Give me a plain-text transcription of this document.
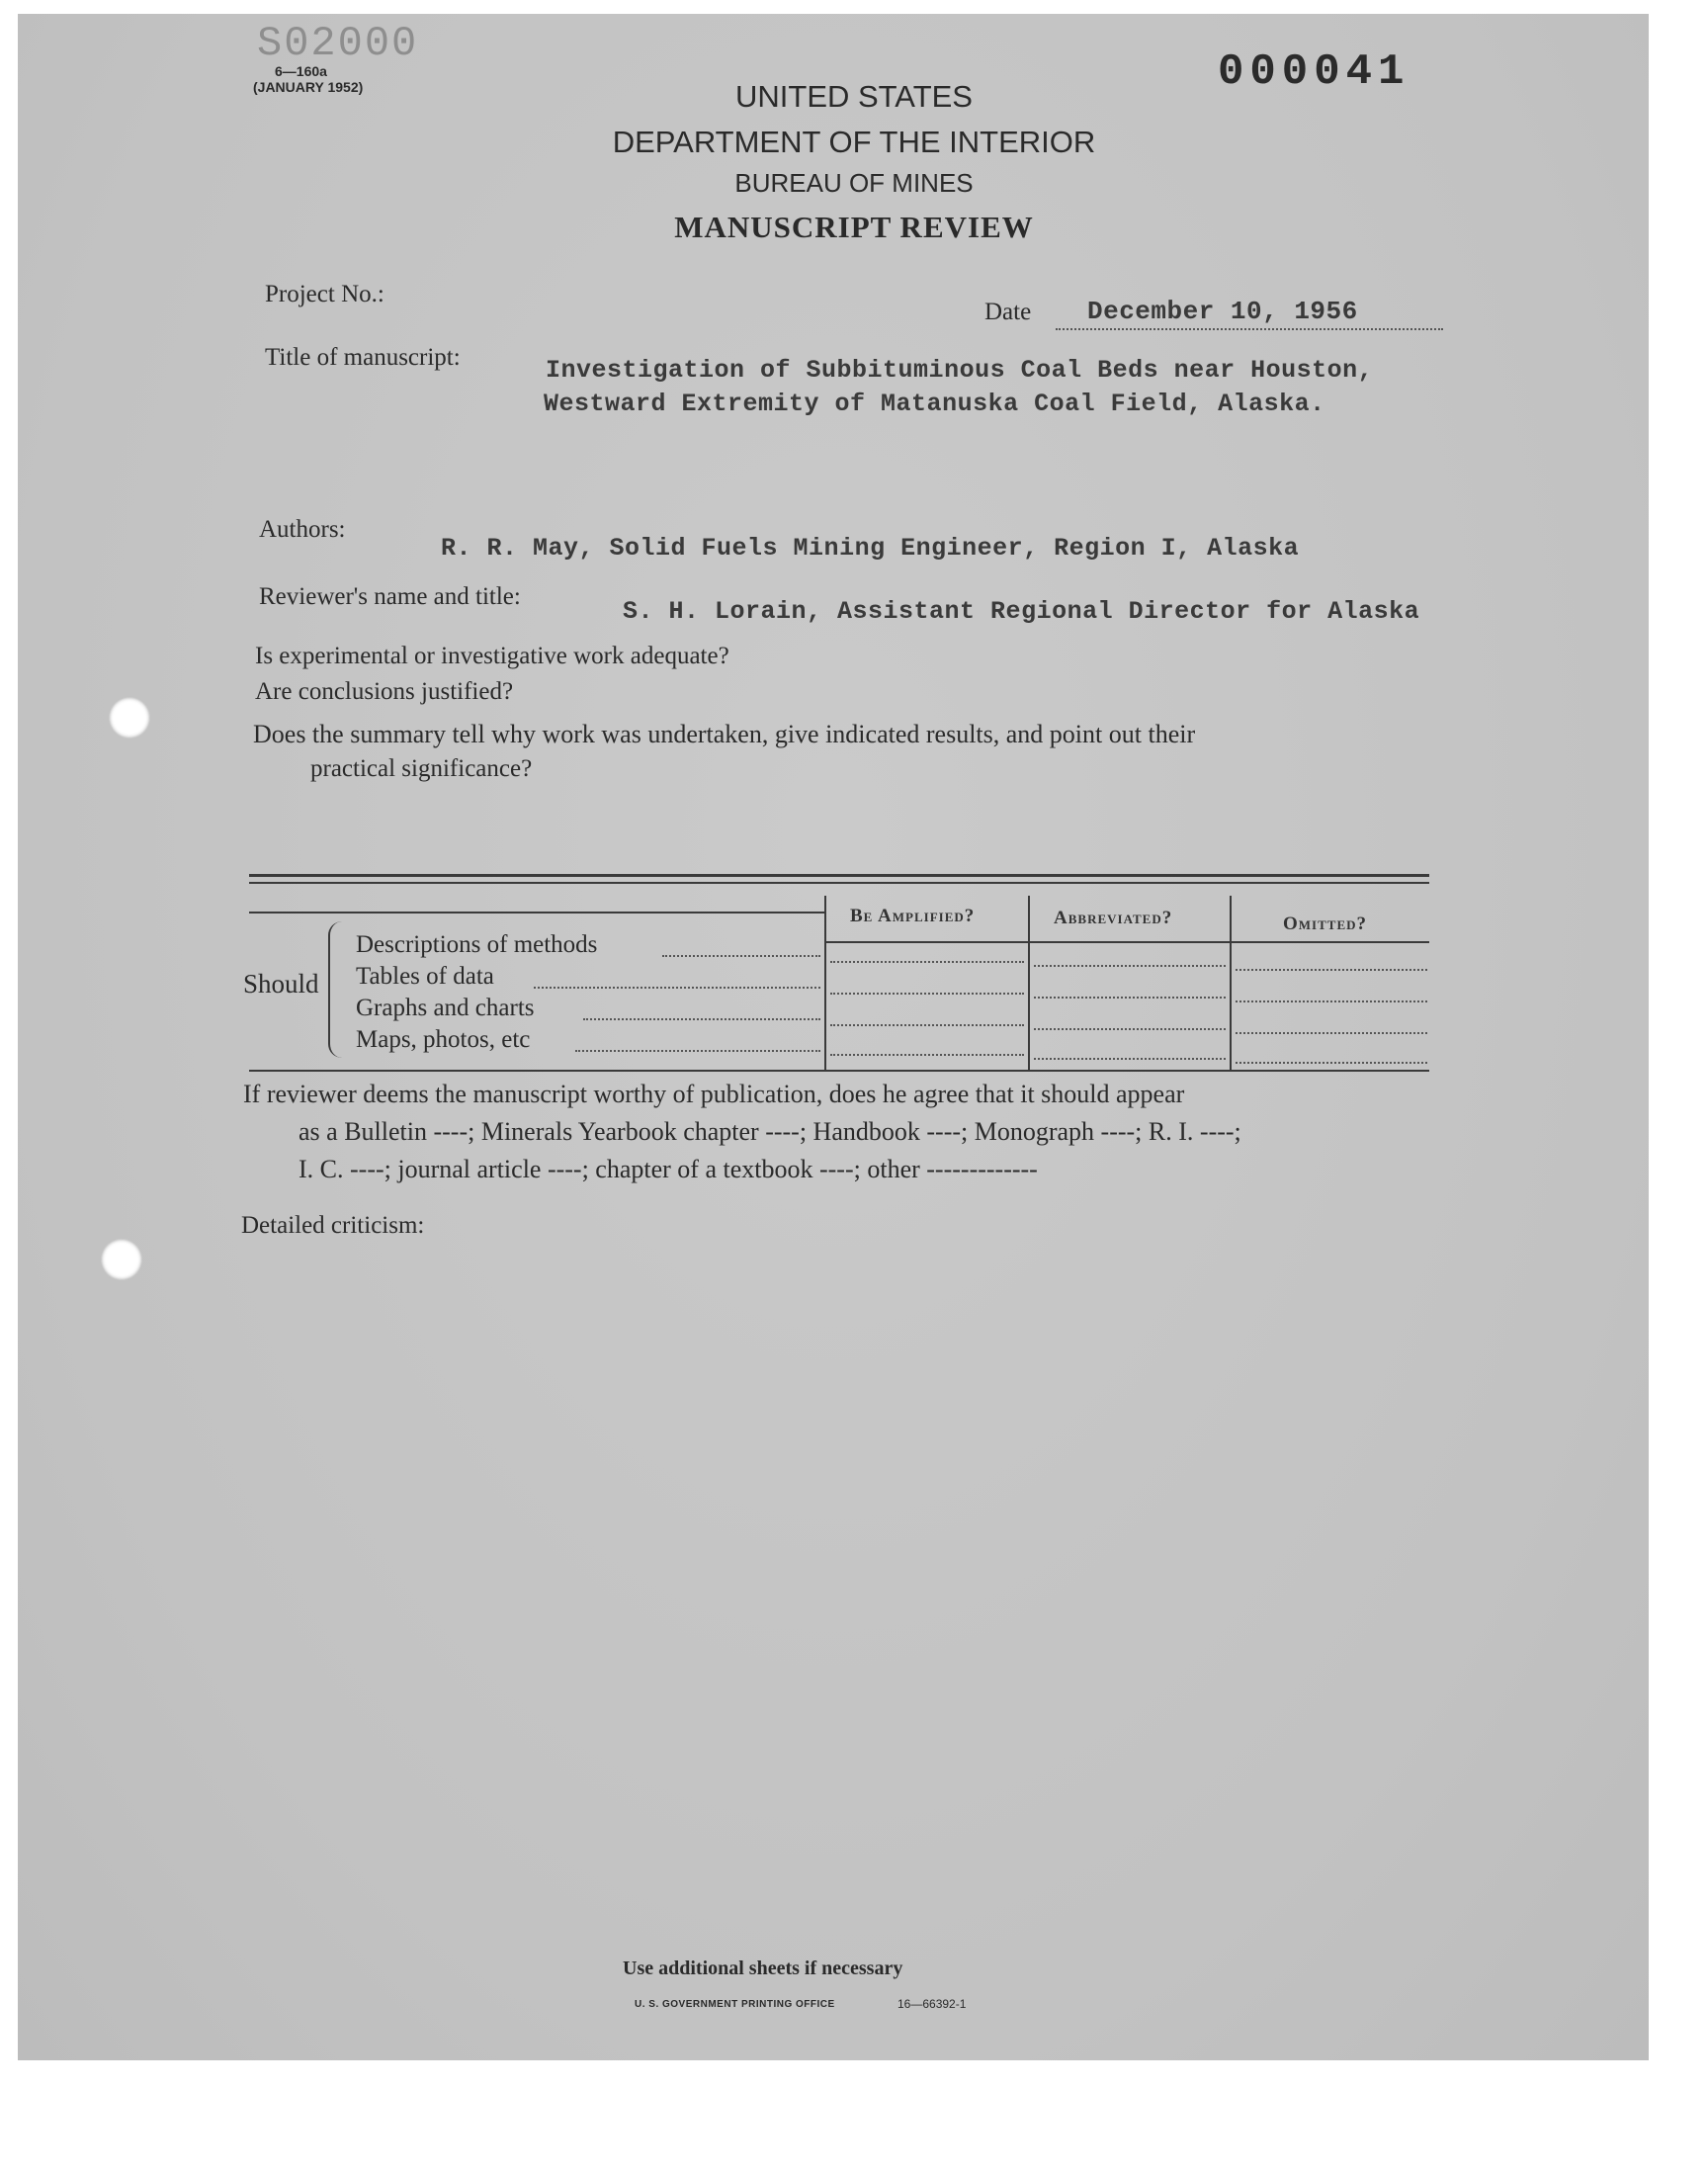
S02000
6—160a
(JANUARY 1952)	000041
UNITED STATES
DEPARTMENT OF THE INTERIOR
BUREAU OF MINES
MANUSCRIPT REVIEW
Project No.:
Date December 10, 1956
Title of manuscript:	Investigation of Subbituminous Coal Beds near Houston,
Westward Extremity of Matanuska Coal Field, Alaska.
Authors:
R. R. May, Solid Fuels Mining Engineer, Region I, Alaska
Reviewer's name and title:
S. H. Lorain, Assistant Regional Director for Alaska
Is experimental or investigative work adequate?
Are conclusions justified?
Does the summary tell why work was undertaken, give indicated results, and point out their
practical significance?
Be Amplified?	Abbreviated?	Omitted?
Should
Descriptions of methods
Tables of data
Graphs and charts
Maps, photos, etc
If reviewer deems the manuscript worthy of publication, does he agree that it should appear
as a Bulletin ----; Minerals Yearbook chapter ----; Handbook ----; Monograph ----; R. I. ----;
I. C. ----; journal article ----; chapter of a textbook ----; other -------------
Detailed criticism:
Use additional sheets if necessary
U. S. GOVERNMENT PRINTING OFFICE	16—66392-1
